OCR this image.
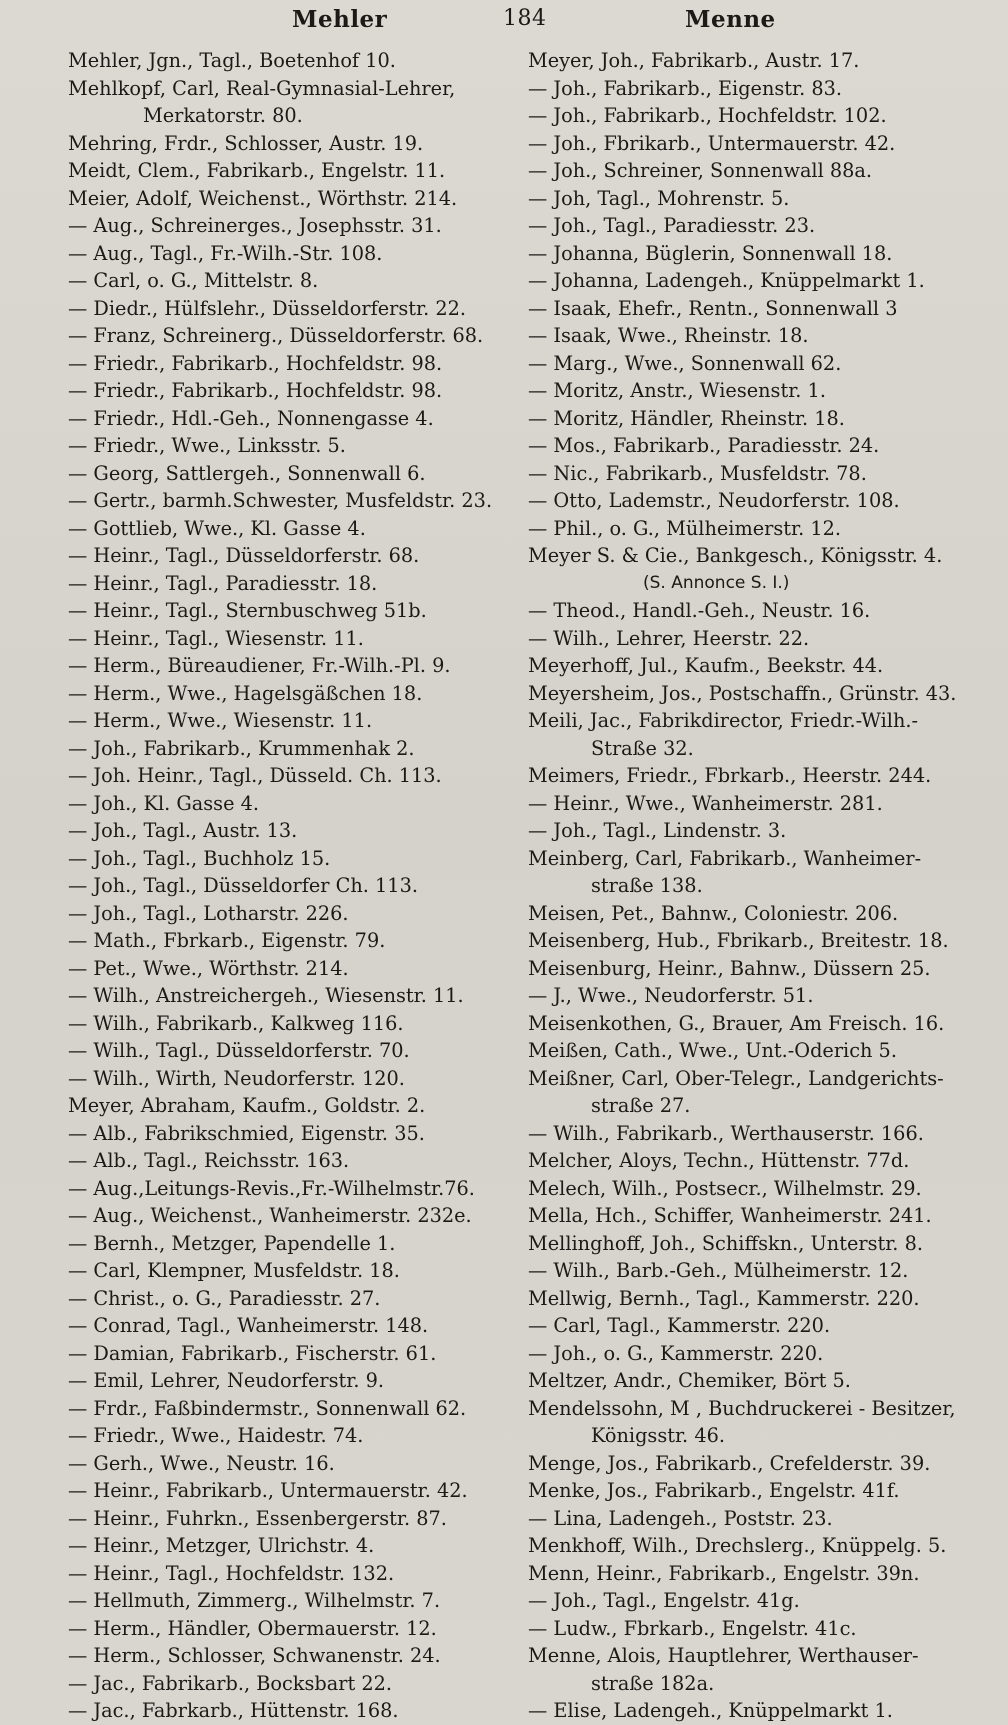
Mehler	184	Menne
Mehler, Jgn., Tagl., Boetenhof 10.
Mehlkopf, Carl, Real-Gymnasial-Lehrer,
Merkatorstr. 80.
Mehring, Frdr., Schlosser, Austr. 19.
Meidt, Clem., Fabrikarb., Engelstr. 11.
Meier, Adolf, Weichenst., Wörthstr. 214.
— Aug., Schreinerges., Josephsstr. 31.
— Aug., Tagl., Fr.-Wilh.-Str. 108.
— Carl, o. G., Mittelstr. 8.
— Diedr., Hülfslehr., Düsseldorferstr. 22.
— Franz, Schreinerg., Düsseldorferstr. 68.
— Friedr., Fabrikarb., Hochfeldstr. 98.
— Friedr., Fabrikarb., Hochfeldstr. 98.
— Friedr., Hdl.-Geh., Nonnengasse 4.
— Friedr., Wwe., Linksstr. 5.
— Georg, Sattlergeh., Sonnenwall 6.
— Gertr., barmh.Schwester, Musfeldstr. 23.
— Gottlieb, Wwe., Kl. Gasse 4.
— Heinr., Tagl., Düsseldorferstr. 68.
— Heinr., Tagl., Paradiesstr. 18.
— Heinr., Tagl., Sternbuschweg 51b.
— Heinr., Tagl., Wiesenstr. 11.
— Herm., Büreaudiener, Fr.-Wilh.-Pl. 9.
— Herm., Wwe., Hagelsgäßchen 18.
— Herm., Wwe., Wiesenstr. 11.
— Joh., Fabrikarb., Krummenhak 2.
— Joh. Heinr., Tagl., Düsseld. Ch. 113.
— Joh., Kl. Gasse 4.
— Joh., Tagl., Austr. 13.
— Joh., Tagl., Buchholz 15.
— Joh., Tagl., Düsseldorfer Ch. 113.
— Joh., Tagl., Lotharstr. 226.
— Math., Fbrkarb., Eigenstr. 79.
— Pet., Wwe., Wörthstr. 214.
— Wilh., Anstreichergeh., Wiesenstr. 11.
— Wilh., Fabrikarb., Kalkweg 116.
— Wilh., Tagl., Düsseldorferstr. 70.
— Wilh., Wirth, Neudorferstr. 120.
Meyer, Abraham, Kaufm., Goldstr. 2.
— Alb., Fabrikschmied, Eigenstr. 35.
— Alb., Tagl., Reichsstr. 163.
— Aug.,Leitungs-Revis.,Fr.-Wilhelmstr.76.
— Aug., Weichenst., Wanheimerstr. 232e.
— Bernh., Metzger, Papendelle 1.
— Carl, Klempner, Musfeldstr. 18.
— Christ., o. G., Paradiesstr. 27.
— Conrad, Tagl., Wanheimerstr. 148.
— Damian, Fabrikarb., Fischerstr. 61.
— Emil, Lehrer, Neudorferstr. 9.
— Frdr., Faßbindermstr., Sonnenwall 62.
— Friedr., Wwe., Haidestr. 74.
— Gerh., Wwe., Neustr. 16.
— Heinr., Fabrikarb., Untermauerstr. 42.
— Heinr., Fuhrkn., Essenbergerstr. 87.
— Heinr., Metzger, Ulrichstr. 4.
— Heinr., Tagl., Hochfeldstr. 132.
— Hellmuth, Zimmerg., Wilhelmstr. 7.
— Herm., Händler, Obermauerstr. 12.
— Herm., Schlosser, Schwanenstr. 24.
— Jac., Fabrikarb., Bocksbart 22.
— Jac., Fabrkarb., Hüttenstr. 168.
Meyer, Joh., Fabrikarb., Austr. 17.
— Joh., Fabrikarb., Eigenstr. 83.
— Joh., Fabrikarb., Hochfeldstr. 102.
— Joh., Fbrikarb., Untermauerstr. 42.
— Joh., Schreiner, Sonnenwall 88a.
— Joh, Tagl., Mohrenstr. 5.
— Joh., Tagl., Paradiesstr. 23.
— Johanna, Büglerin, Sonnenwall 18.
— Johanna, Ladengeh., Knüppelmarkt 1.
— Isaak, Ehefr., Rentn., Sonnenwall 3
— Isaak, Wwe., Rheinstr. 18.
— Marg., Wwe., Sonnenwall 62.
— Moritz, Anstr., Wiesenstr. 1.
— Moritz, Händler, Rheinstr. 18.
— Mos., Fabrikarb., Paradiesstr. 24.
— Nic., Fabrikarb., Musfeldstr. 78.
— Otto, Lademstr., Neudorferstr. 108.
— Phil., o. G., Mülheimerstr. 12.
Meyer S. & Cie., Bankgesch., Königsstr. 4.
(S. Annonce S. I.)
— Theod., Handl.-Geh., Neustr. 16.
— Wilh., Lehrer, Heerstr. 22.
Meyerhoff, Jul., Kaufm., Beekstr. 44.
Meyersheim, Jos., Postschaffn., Grünstr. 43.
Meili, Jac., Fabrikdirector, Friedr.-Wilh.-
Straße 32.
Meimers, Friedr., Fbrkarb., Heerstr. 244.
— Heinr., Wwe., Wanheimerstr. 281.
— Joh., Tagl., Lindenstr. 3.
Meinberg, Carl, Fabrikarb., Wanheimer-
straße 138.
Meisen, Pet., Bahnw., Coloniestr. 206.
Meisenberg, Hub., Fbrikarb., Breitestr. 18.
Meisenburg, Heinr., Bahnw., Düssern 25.
— J., Wwe., Neudorferstr. 51.
Meisenkothen, G., Brauer, Am Freisch. 16.
Meißen, Cath., Wwe., Unt.-Oderich 5.
Meißner, Carl, Ober-Telegr., Landgerichts-
straße 27.
— Wilh., Fabrikarb., Werthauserstr. 166.
Melcher, Aloys, Techn., Hüttenstr. 77d.
Melech, Wilh., Postsecr., Wilhelmstr. 29.
Mella, Hch., Schiffer, Wanheimerstr. 241.
Mellinghoff, Joh., Schiffskn., Unterstr. 8.
— Wilh., Barb.-Geh., Mülheimerstr. 12.
Mellwig, Bernh., Tagl., Kammerstr. 220.
— Carl, Tagl., Kammerstr. 220.
— Joh., o. G., Kammerstr. 220.
Meltzer, Andr., Chemiker, Bört 5.
Mendelssohn, M , Buchdruckerei - Besitzer,
Königsstr. 46.
Menge, Jos., Fabrikarb., Crefelderstr. 39.
Menke, Jos., Fabrikarb., Engelstr. 41f.
— Lina, Ladengeh., Poststr. 23.
Menkhoff, Wilh., Drechslerg., Knüppelg. 5.
Menn, Heinr., Fabrikarb., Engelstr. 39n.
— Joh., Tagl., Engelstr. 41g.
— Ludw., Fbrkarb., Engelstr. 41c.
Menne, Alois, Hauptlehrer, Werthauser-
straße 182a.
— Elise, Ladengeh., Knüppelmarkt 1.
